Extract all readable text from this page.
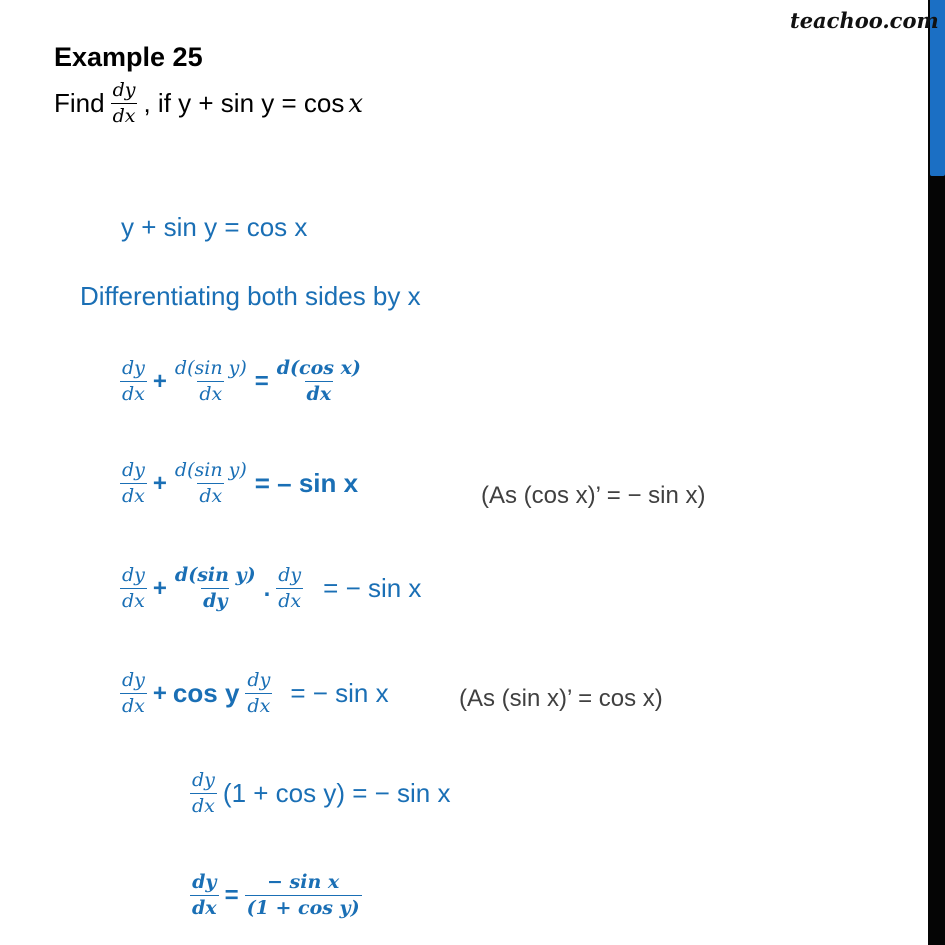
teachoo.com
Example 25
Find $\frac{dy}{dx}$ , if y + sin y = cos x
y + sin y = cos x
Differentiating both sides by x
$\frac{dy}{dx} + \frac{\text{d(sin y)}}{dx} = \frac{\text{d(cos x)}}{dx}$
$\frac{dy}{dx} + \frac{\text{d(sin y)}}{dx}$ = – sin x	(As (cos x)’ = − sin x)
$\frac{dy}{dx} + \frac{\text{d(sin y)}}{dy}$ . $\frac{dy}{dx}$ = − sin x
$\frac{dy}{dx} + \cos y \frac{dy}{dx}$ = − sin x	(As (sin x)’ = cos x)
$\frac{dy}{dx} (1 + \cos y)$ = − sin x
$\frac{dy}{dx} = \frac{\text{− sin x}}{\text{(1 + cos y)}}$
